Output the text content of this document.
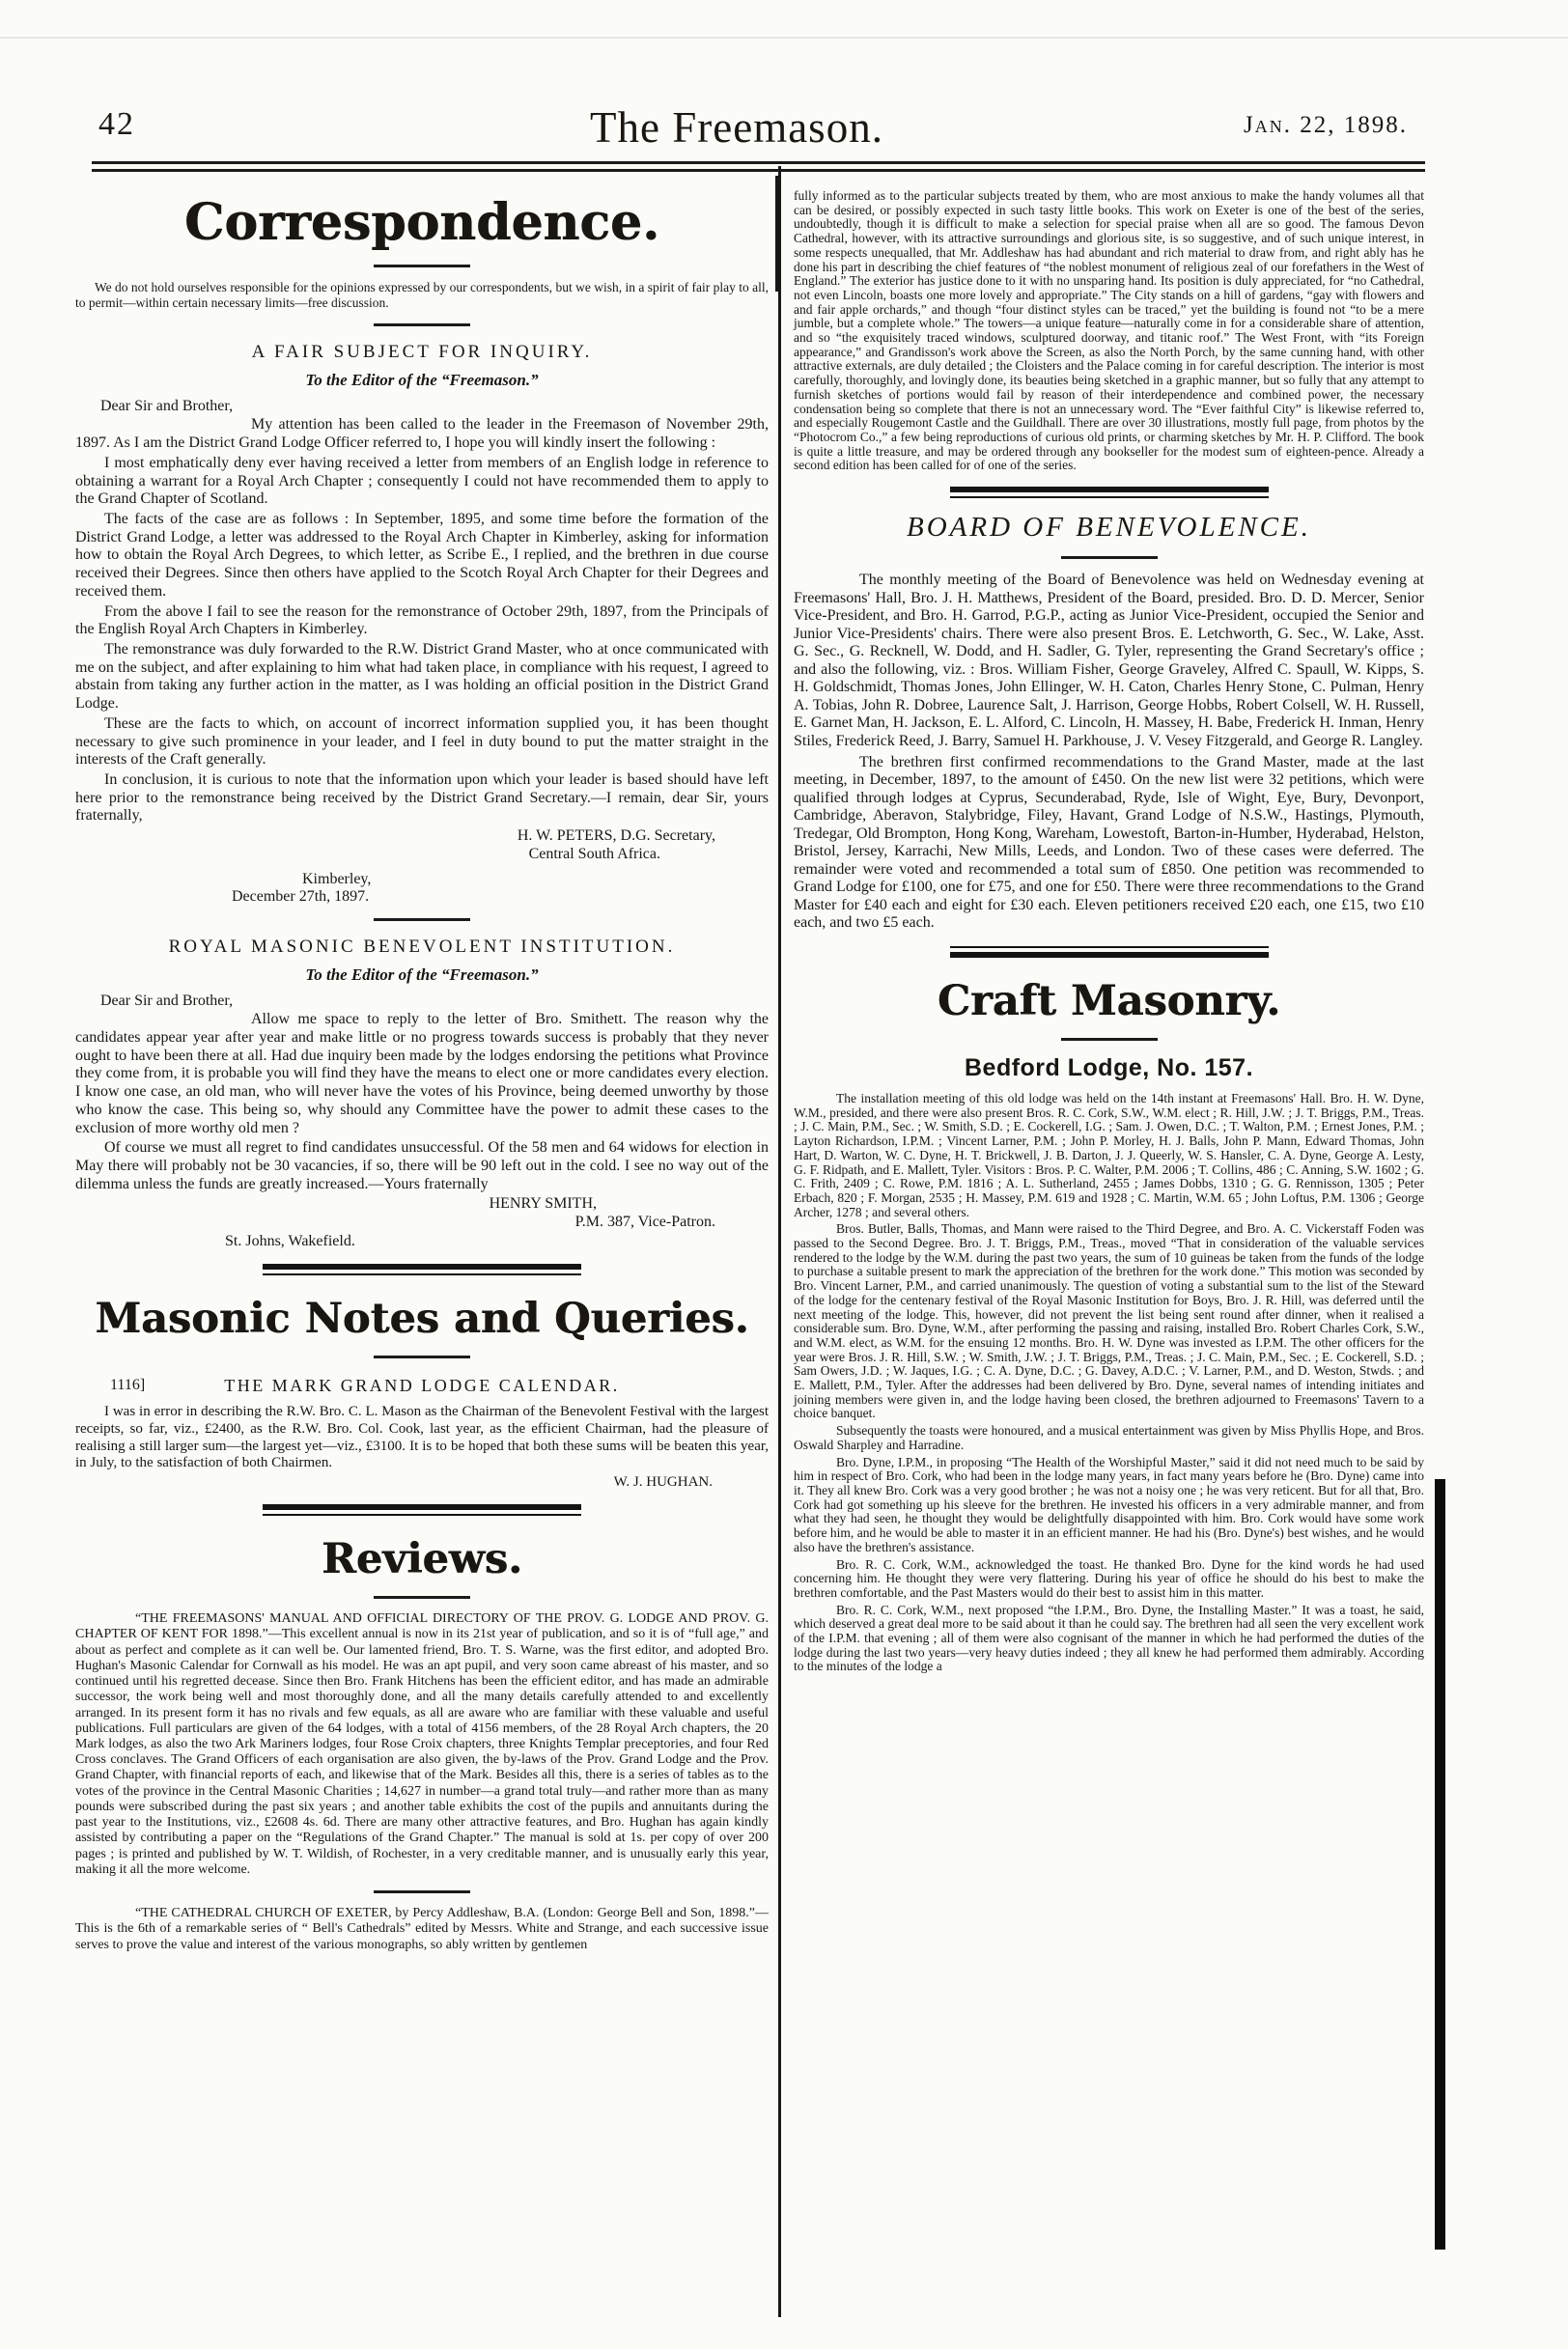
42	The Freemason.	Jan. 22, 1898.
Correspondence.

We do not hold ourselves responsible for the opinions expressed by our correspondents, but we wish, in a spirit of fair play to all, to permit—within certain necessary limits—free discussion.

A FAIR SUBJECT FOR INQUIRY.

To the Editor of the “Freemason.”

Dear Sir and Brother,

My attention has been called to the leader in the Freemason of November 29th, 1897. As I am the District Grand Lodge Officer referred to, I hope you will kindly insert the following :

I most emphatically deny ever having received a letter from members of an English lodge in reference to obtaining a warrant for a Royal Arch Chapter ; consequently I could not have recommended them to apply to the Grand Chapter of Scotland.

The facts of the case are as follows : In September, 1895, and some time before the formation of the District Grand Lodge, a letter was addressed to the Royal Arch Chapter in Kimberley, asking for information how to obtain the Royal Arch Degrees, to which letter, as Scribe E., I replied, and the brethren in due course received their Degrees. Since then others have applied to the Scotch Royal Arch Chapter for their Degrees and received them.

From the above I fail to see the reason for the remonstrance of October 29th, 1897, from the Principals of the English Royal Arch Chapters in Kimberley.

The remonstrance was duly forwarded to the R.W. District Grand Master, who at once communicated with me on the subject, and after explaining to him what had taken place, in compliance with his request, I agreed to abstain from taking any further action in the matter, as I was holding an official position in the District Grand Lodge.

These are the facts to which, on account of incorrect information supplied you, it has been thought necessary to give such prominence in your leader, and I feel in duty bound to put the matter straight in the interests of the Craft generally.

In conclusion, it is curious to note that the information upon which your leader is based should have left here prior to the remonstrance being received by the District Grand Secretary.—I remain, dear Sir, yours fraternally,

H. W. PETERS, D.G. Secretary,

Central South Africa.

Kimberley,

December 27th, 1897.

ROYAL MASONIC BENEVOLENT INSTITUTION.

To the Editor of the “Freemason.”

Dear Sir and Brother,

Allow me space to reply to the letter of Bro. Smithett. The reason why the candidates appear year after year and make little or no progress towards success is probably that they never ought to have been there at all. Had due inquiry been made by the lodges endorsing the petitions what Province they come from, it is probable you will find they have the means to elect one or more candidates every election. I know one case, an old man, who will never have the votes of his Province, being deemed unworthy by those who know the case. This being so, why should any Committee have the power to admit these cases to the exclusion of more worthy old men ?

Of course we must all regret to find candidates unsuccessful. Of the 58 men and 64 widows for election in May there will probably not be 30 vacancies, if so, there will be 90 left out in the cold. I see no way out of the dilemma unless the funds are greatly increased.—Yours fraternally

HENRY SMITH,

P.M. 387, Vice-Patron.

St. Johns, Wakefield.

Masonic Notes and Queries.
1116]	THE MARK GRAND LODGE CALENDAR.

I was in error in describing the R.W. Bro. C. L. Mason as the Chairman of the Benevolent Festival with the largest receipts, so far, viz., £2400, as the R.W. Bro. Col. Cook, last year, as the efficient Chairman, had the pleasure of realising a still larger sum—the largest yet—viz., £3100. It is to be hoped that both these sums will be beaten this year, in July, to the satisfaction of both Chairmen.

W. J. HUGHAN.

Reviews.

“THE FREEMASONS' MANUAL AND OFFICIAL DIRECTORY OF THE PROV. G. LODGE AND PROV. G. CHAPTER OF KENT FOR 1898.”—This excellent annual is now in its 21st year of publication, and so it is of “full age,” and about as perfect and complete as it can well be. Our lamented friend, Bro. T. S. Warne, was the first editor, and adopted Bro. Hughan's Masonic Calendar for Cornwall as his model. He was an apt pupil, and very soon came abreast of his master, and so continued until his regretted decease. Since then Bro. Frank Hitchens has been the efficient editor, and has made an admirable successor, the work being well and most thoroughly done, and all the many details carefully attended to and excellently arranged. In its present form it has no rivals and few equals, as all are aware who are familiar with these valuable and useful publications. Full particulars are given of the 64 lodges, with a total of 4156 members, of the 28 Royal Arch chapters, the 20 Mark lodges, as also the two Ark Mariners lodges, four Rose Croix chapters, three Knights Templar preceptories, and four Red Cross conclaves. The Grand Officers of each organisation are also given, the by-laws of the Prov. Grand Lodge and the Prov. Grand Chapter, with financial reports of each, and likewise that of the Mark. Besides all this, there is a series of tables as to the votes of the province in the Central Masonic Charities ; 14,627 in number—a grand total truly—and rather more than as many pounds were subscribed during the past six years ; and another table exhibits the cost of the pupils and annuitants during the past year to the Institutions, viz., £2608 4s. 6d. There are many other attractive features, and Bro. Hughan has again kindly assisted by contributing a paper on the “Regulations of the Grand Chapter.” The manual is sold at 1s. per copy of over 200 pages ; is printed and published by W. T. Wildish, of Rochester, in a very creditable manner, and is unusually early this year, making it all the more welcome.

“THE CATHEDRAL CHURCH OF EXETER, by Percy Addleshaw, B.A. (London: George Bell and Son, 1898.”—This is the 6th of a remarkable series of “ Bell's Cathedrals” edited by Messrs. White and Strange, and each successive issue serves to prove the value and interest of the various monographs, so ably written by gentlemen

fully informed as to the particular subjects treated by them, who are most anxious to make the handy volumes all that can be desired, or possibly expected in such tasty little books. This work on Exeter is one of the best of the series, undoubtedly, though it is difficult to make a selection for special praise when all are so good. The famous Devon Cathedral, however, with its attractive surroundings and glorious site, is so suggestive, and of such unique interest, in some respects unequalled, that Mr. Addleshaw has had abundant and rich material to draw from, and right ably has he done his part in describing the chief features of “the noblest monument of religious zeal of our forefathers in the West of England.” The exterior has justice done to it with no unsparing hand. Its position is duly appreciated, for “no Cathedral, not even Lincoln, boasts one more lovely and appropriate.” The City stands on a hill of gardens, “gay with flowers and and fair apple orchards,” and though “four distinct styles can be traced,” yet the building is found not “to be a mere jumble, but a complete whole.” The towers—a unique feature—naturally come in for a considerable share of attention, and so “the exquisitely traced windows, sculptured doorway, and titanic roof.” The West Front, with “its Foreign appearance,” and Grandisson's work above the Screen, as also the North Porch, by the same cunning hand, with other attractive externals, are duly detailed ; the Cloisters and the Palace coming in for careful description. The interior is most carefully, thoroughly, and lovingly done, its beauties being sketched in a graphic manner, but so fully that any attempt to furnish sketches of portions would fail by reason of their interdependence and combined power, the necessary condensation being so complete that there is not an unnecessary word. The “Ever faithful City” is likewise referred to, and especially Rougemont Castle and the Guildhall. There are over 30 illustrations, mostly full page, from photos by the “Photocrom Co.,” a few being reproductions of curious old prints, or charming sketches by Mr. H. P. Clifford. The book is quite a little treasure, and may be ordered through any bookseller for the modest sum of eighteen-pence. Already a second edition has been called for of one of the series.

BOARD OF BENEVOLENCE.

The monthly meeting of the Board of Benevolence was held on Wednesday evening at Freemasons' Hall, Bro. J. H. Matthews, President of the Board, presided. Bro. D. D. Mercer, Senior Vice-President, and Bro. H. Garrod, P.G.P., acting as Junior Vice-President, occupied the Senior and Junior Vice-Presidents' chairs. There were also present Bros. E. Letchworth, G. Sec., W. Lake, Asst. G. Sec., G. Recknell, W. Dodd, and H. Sadler, G. Tyler, representing the Grand Secretary's office ; and also the following, viz. : Bros. William Fisher, George Graveley, Alfred C. Spaull, W. Kipps, S. H. Goldschmidt, Thomas Jones, John Ellinger, W. H. Caton, Charles Henry Stone, C. Pulman, Henry A. Tobias, John R. Dobree, Laurence Salt, J. Harrison, George Hobbs, Robert Colsell, W. H. Russell, E. Garnet Man, H. Jackson, E. L. Alford, C. Lincoln, H. Massey, H. Babe, Frederick H. Inman, Henry Stiles, Frederick Reed, J. Barry, Samuel H. Parkhouse, J. V. Vesey Fitzgerald, and George R. Langley.

The brethren first confirmed recommendations to the Grand Master, made at the last meeting, in December, 1897, to the amount of £450. On the new list were 32 petitions, which were qualified through lodges at Cyprus, Secunderabad, Ryde, Isle of Wight, Eye, Bury, Devonport, Cambridge, Aberavon, Stalybridge, Filey, Havant, Grand Lodge of N.S.W., Hastings, Plymouth, Tredegar, Old Brompton, Hong Kong, Wareham, Lowestoft, Barton-in-Humber, Hyderabad, Helston, Bristol, Jersey, Karrachi, New Mills, Leeds, and London. Two of these cases were deferred. The remainder were voted and recommended a total sum of £850. One petition was recommended to Grand Lodge for £100, one for £75, and one for £50. There were three recommendations to the Grand Master for £40 each and eight for £30 each. Eleven petitioners received £20 each, one £15, two £10 each, and two £5 each.

Craft Masonry.
Bedford Lodge, No. 157.

The installation meeting of this old lodge was held on the 14th instant at Freemasons' Hall. Bro. H. W. Dyne, W.M., presided, and there were also present Bros. R. C. Cork, S.W., W.M. elect ; R. Hill, J.W. ; J. T. Briggs, P.M., Treas. ; J. C. Main, P.M., Sec. ; W. Smith, S.D. ; E. Cockerell, I.G. ; Sam. J. Owen, D.C. ; T. Walton, P.M. ; Ernest Jones, P.M. ; Layton Richardson, I.P.M. ; Vincent Larner, P.M. ; John P. Morley, H. J. Balls, John P. Mann, Edward Thomas, John Hart, D. Warton, W. C. Dyne, H. T. Brickwell, J. B. Darton, J. J. Queerly, W. S. Hansler, C. A. Dyne, George A. Lesty, G. F. Ridpath, and E. Mallett, Tyler. Visitors : Bros. P. C. Walter, P.M. 2006 ; T. Collins, 486 ; C. Anning, S.W. 1602 ; G. C. Frith, 2409 ; C. Rowe, P.M. 1816 ; A. L. Sutherland, 2455 ; James Dobbs, 1310 ; G. G. Rennisson, 1305 ; Peter Erbach, 820 ; F. Morgan, 2535 ; H. Massey, P.M. 619 and 1928 ; C. Martin, W.M. 65 ; John Loftus, P.M. 1306 ; George Archer, 1278 ; and several others.

Bros. Butler, Balls, Thomas, and Mann were raised to the Third Degree, and Bro. A. C. Vickerstaff Foden was passed to the Second Degree. Bro. J. T. Briggs, P.M., Treas., moved “That in consideration of the valuable services rendered to the lodge by the W.M. during the past two years, the sum of 10 guineas be taken from the funds of the lodge to purchase a suitable present to mark the appreciation of the brethren for the work done.” This motion was seconded by Bro. Vincent Larner, P.M., and carried unanimously. The question of voting a substantial sum to the list of the Steward of the lodge for the centenary festival of the Royal Masonic Institution for Boys, Bro. J. R. Hill, was deferred until the next meeting of the lodge. This, however, did not prevent the list being sent round after dinner, when it realised a considerable sum. Bro. Dyne, W.M., after performing the passing and raising, installed Bro. Robert Charles Cork, S.W., and W.M. elect, as W.M. for the ensuing 12 months. Bro. H. W. Dyne was invested as I.P.M. The other officers for the year were Bros. J. R. Hill, S.W. ; W. Smith, J.W. ; J. T. Briggs, P.M., Treas. ; J. C. Main, P.M., Sec. ; E. Cockerell, S.D. ; Sam Owers, J.D. ; W. Jaques, I.G. ; C. A. Dyne, D.C. ; G. Davey, A.D.C. ; V. Larner, P.M., and D. Weston, Stwds. ; and E. Mallett, P.M., Tyler. After the addresses had been delivered by Bro. Dyne, several names of intending initiates and joining members were given in, and the lodge having been closed, the brethren adjourned to Freemasons' Tavern to a choice banquet.

Subsequently the toasts were honoured, and a musical entertainment was given by Miss Phyllis Hope, and Bros. Oswald Sharpley and Harradine.

Bro. Dyne, I.P.M., in proposing “The Health of the Worshipful Master,” said it did not need much to be said by him in respect of Bro. Cork, who had been in the lodge many years, in fact many years before he (Bro. Dyne) came into it. They all knew Bro. Cork was a very good brother ; he was not a noisy one ; he was very reticent. But for all that, Bro. Cork had got something up his sleeve for the brethren. He invested his officers in a very admirable manner, and from what they had seen, he thought they would be delightfully disappointed with him. Bro. Cork would have some work before him, and he would be able to master it in an efficient manner. He had his (Bro. Dyne's) best wishes, and he would also have the brethren's assistance.

Bro. R. C. Cork, W.M., acknowledged the toast. He thanked Bro. Dyne for the kind words he had used concerning him. He thought they were very flattering. During his year of office he should do his best to make the brethren comfortable, and the Past Masters would do their best to assist him in this matter.

Bro. R. C. Cork, W.M., next proposed “the I.P.M., Bro. Dyne, the Installing Master.” It was a toast, he said, which deserved a great deal more to be said about it than he could say. The brethren had all seen the very excellent work of the I.P.M. that evening ; all of them were also cognisant of the manner in which he had performed the duties of the lodge during the last two years—very heavy duties indeed ; they all knew he had performed them admirably. According to the minutes of the lodge a
